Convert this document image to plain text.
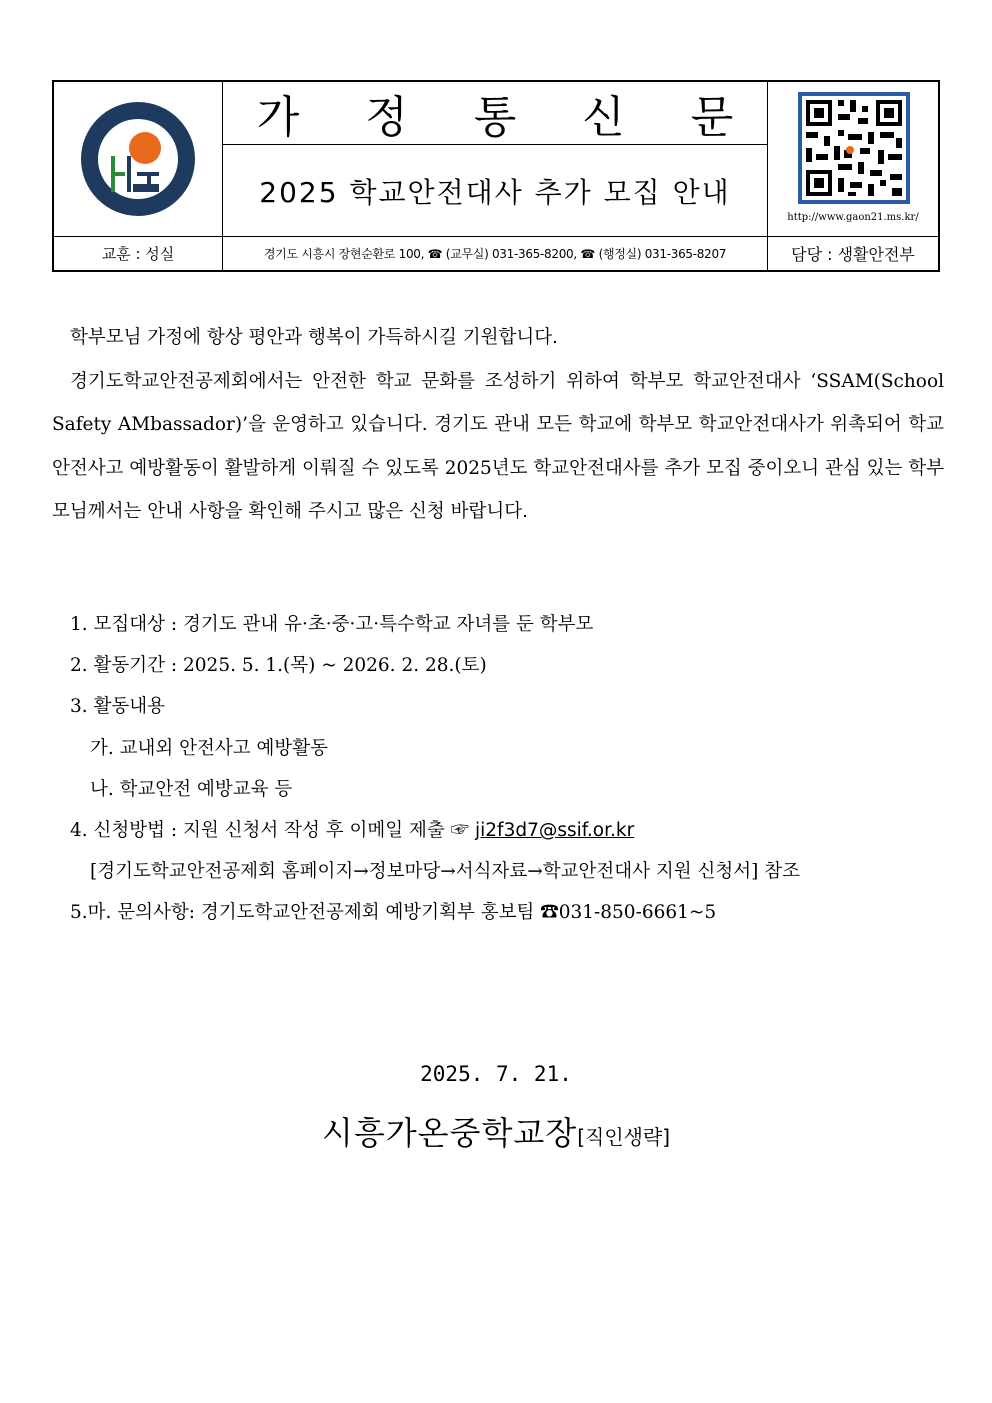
가 정 통 신 문
2025 학교안전대사 추가 모집 안내
http://www.gaon21.ms.kr/
교훈 : 성실	경기도 시흥시 장현순환로 100, ☎ (교무실) 031-365-8200, ☎ (행정실) 031-365-8207	담당 : 생활안전부

학부모님 가정에 항상 평안과 행복이 가득하시길 기원합니다.

경기도학교안전공제회에서는 안전한 학교 문화를 조성하기 위하여 학부모 학교안전대사 ‘SSAM(School Safety AMbassador)’을 운영하고 있습니다. 경기도 관내 모든 학교에 학부모 학교안전대사가 위촉되어 학교안전사고 예방활동이 활발하게 이뤄질 수 있도록 2025년도 학교안전대사를 추가 모집 중이오니 관심 있는 학부모님께서는 안내 사항을 확인해 주시고 많은 신청 바랍니다.

1. 모집대상 : 경기도 관내 유·초·중·고·특수학교 자녀를 둔 학부모
2. 활동기간 : 2025. 5. 1.(목) ~ 2026. 2. 28.(토)
3. 활동내용
가. 교내외 안전사고 예방활동
나. 학교안전 예방교육 등
4. 신청방법 : 지원 신청서 작성 후 이메일 제출 ☞ ji2f3d7@ssif.or.kr
[경기도학교안전공제회 홈페이지→정보마당→서식자료→학교안전대사 지원 신청서] 참조
5.마. 문의사항: 경기도학교안전공제회 예방기획부 홍보팀 ☎031-850-6661~5
2025. 7. 21.
시흥가온중학교장[직인생략]
